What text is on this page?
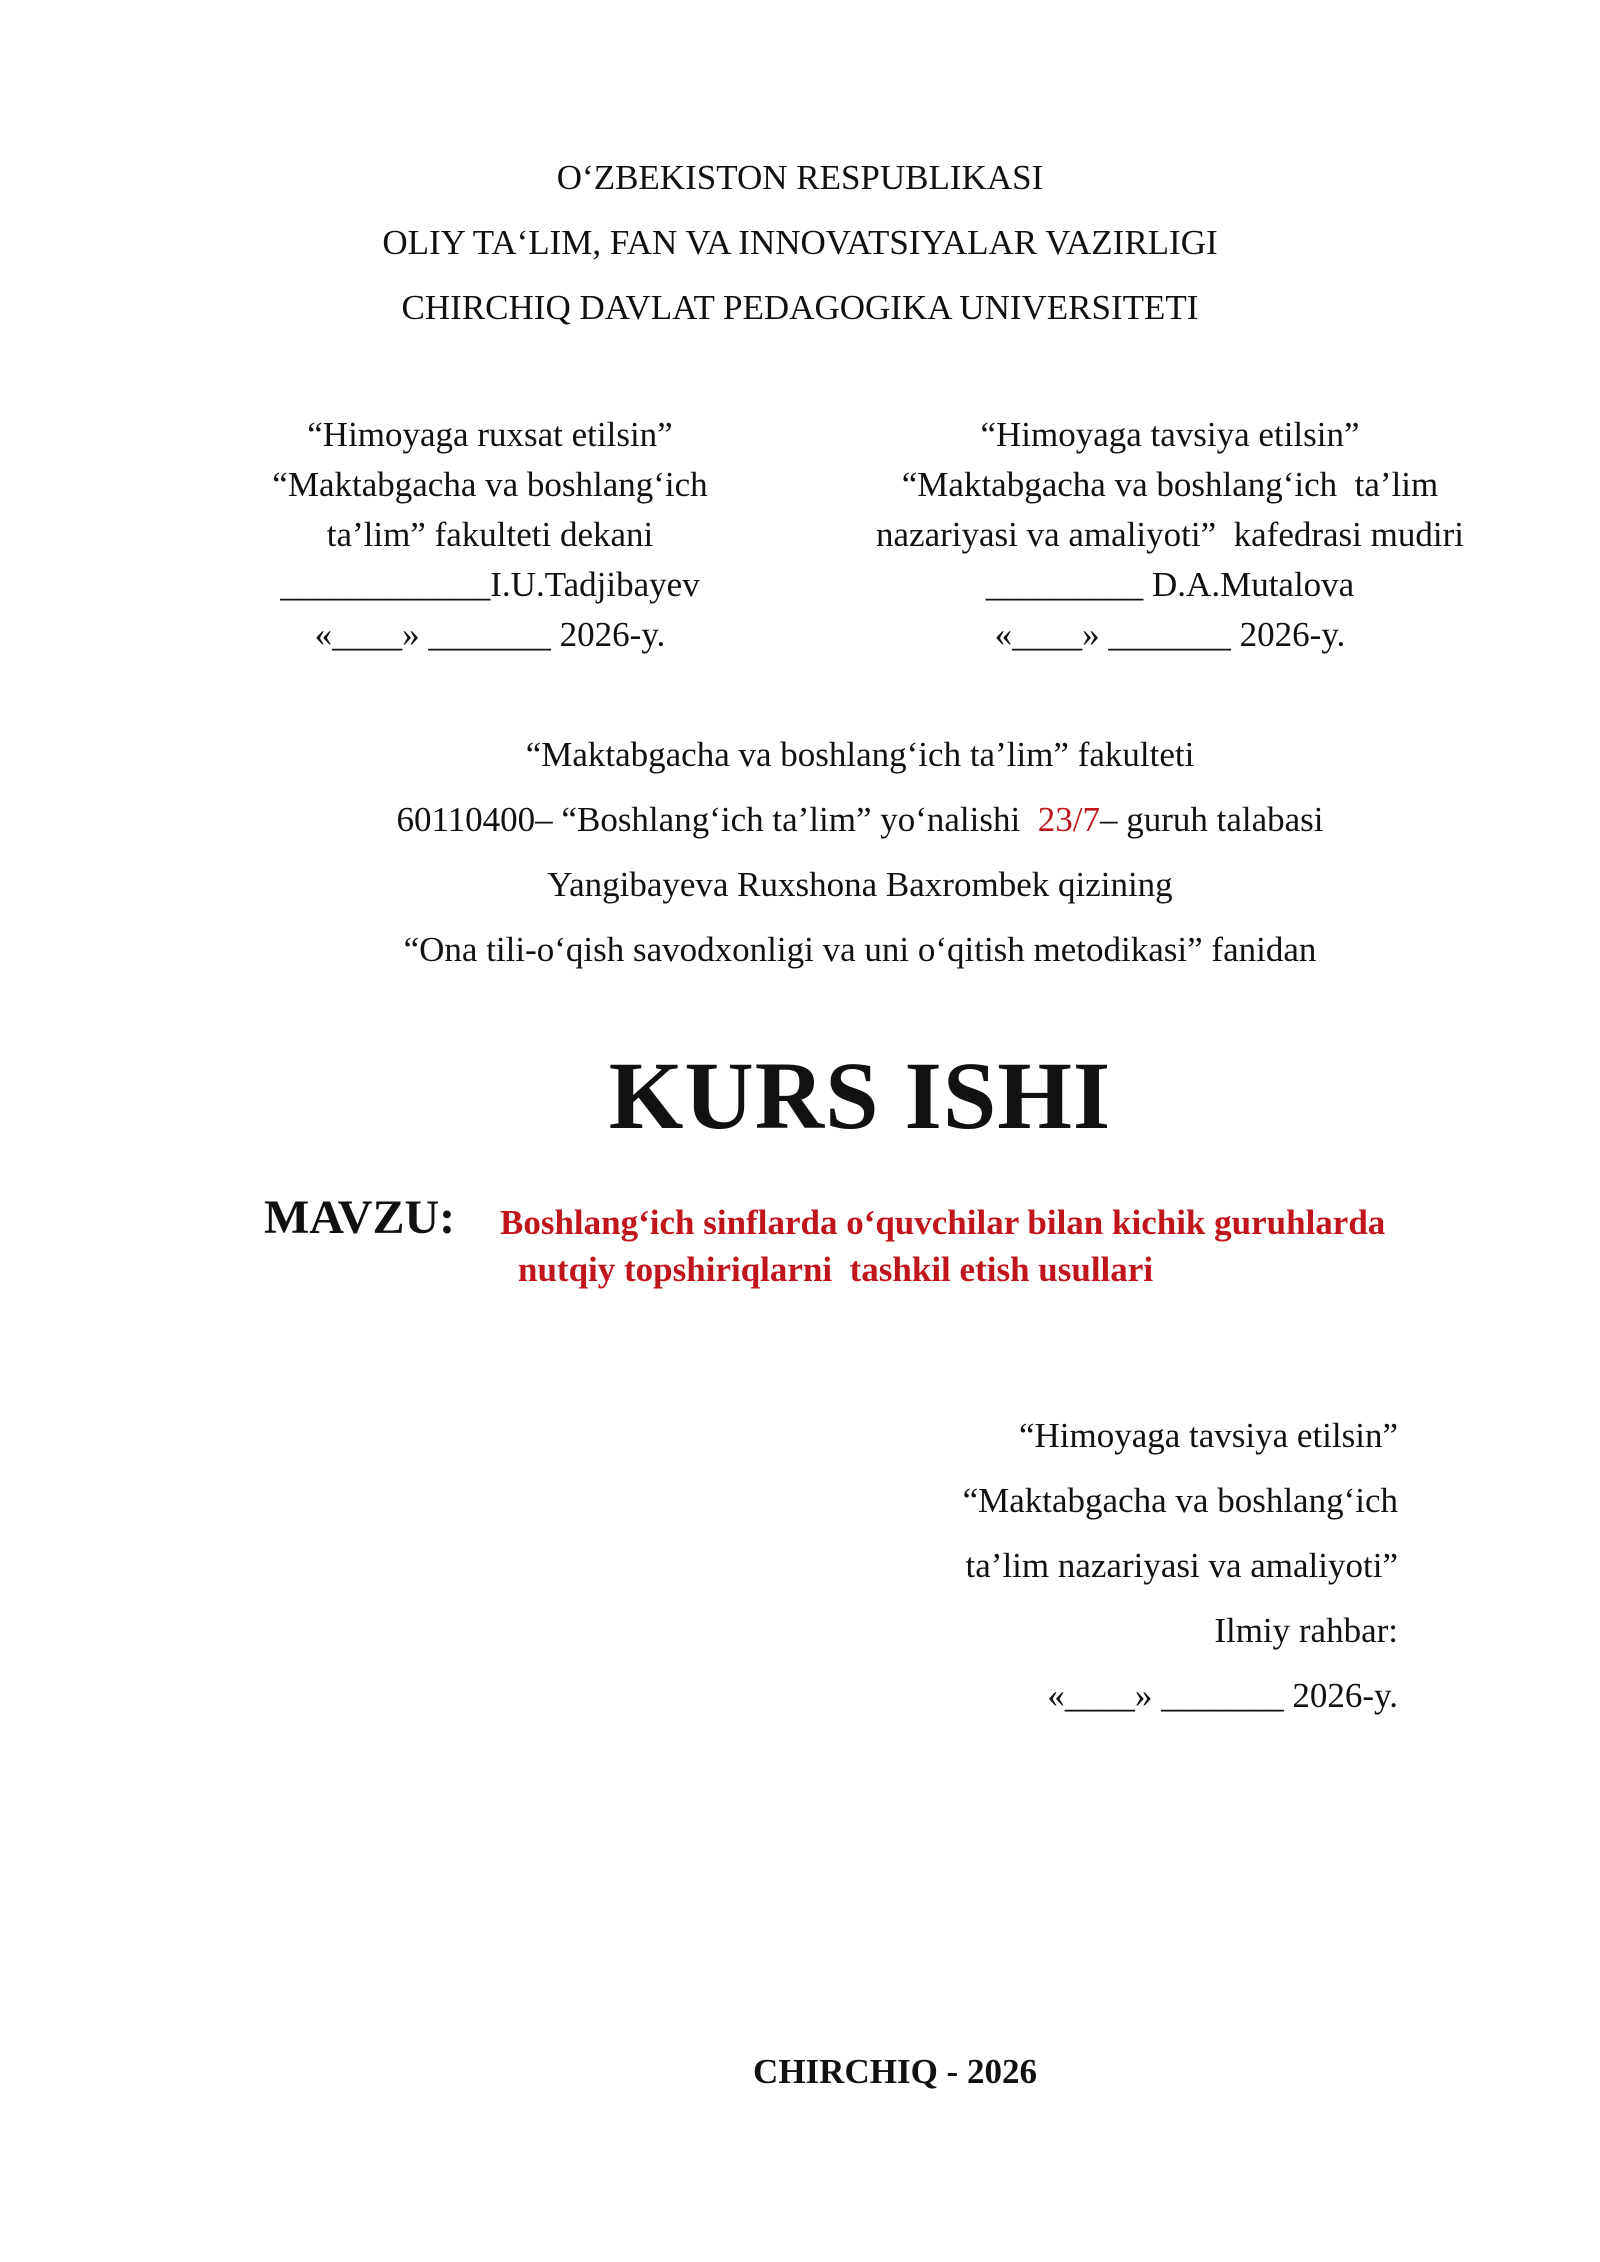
O‘ZBEKISTON RESPUBLIKASI
OLIY TA‘LIM, FAN VA INNOVATSIYALAR VAZIRLIGI
CHIRCHIQ DAVLAT PEDAGOGIKA UNIVERSITETI
“Himoyaga ruxsat etilsin”
“Maktabgacha va boshlang‘ich
ta’lim” fakulteti dekani
____________I.U.Tadjibayev
«____» _______ 2026-y.
“Himoyaga tavsiya etilsin”
“Maktabgacha va boshlang‘ich  ta’lim
nazariyasi va amaliyoti”  kafedrasi mudiri
_________ D.A.Mutalova
«____» _______ 2026-y.
“Maktabgacha va boshlang‘ich ta’lim” fakulteti
60110400– “Boshlang‘ich ta’lim” yo‘nalishi  23/7– guruh talabasi
Yangibayeva Ruxshona Baxrombek qizining
“Ona tili-o‘qish savodxonligi va uni o‘qitish metodikasi” fanidan
KURS ISHI
MAVZU: Boshlang‘ich sinflarda o‘quvchilar bilan kichik guruhlarda
nutqiy topshiriqlarni  tashkil etish usullari
“Himoyaga tavsiya etilsin”
“Maktabgacha va boshlang‘ich
ta’lim nazariyasi va amaliyoti”
Ilmiy rahbar:
«____» _______ 2026-y.
CHIRCHIQ - 2026
